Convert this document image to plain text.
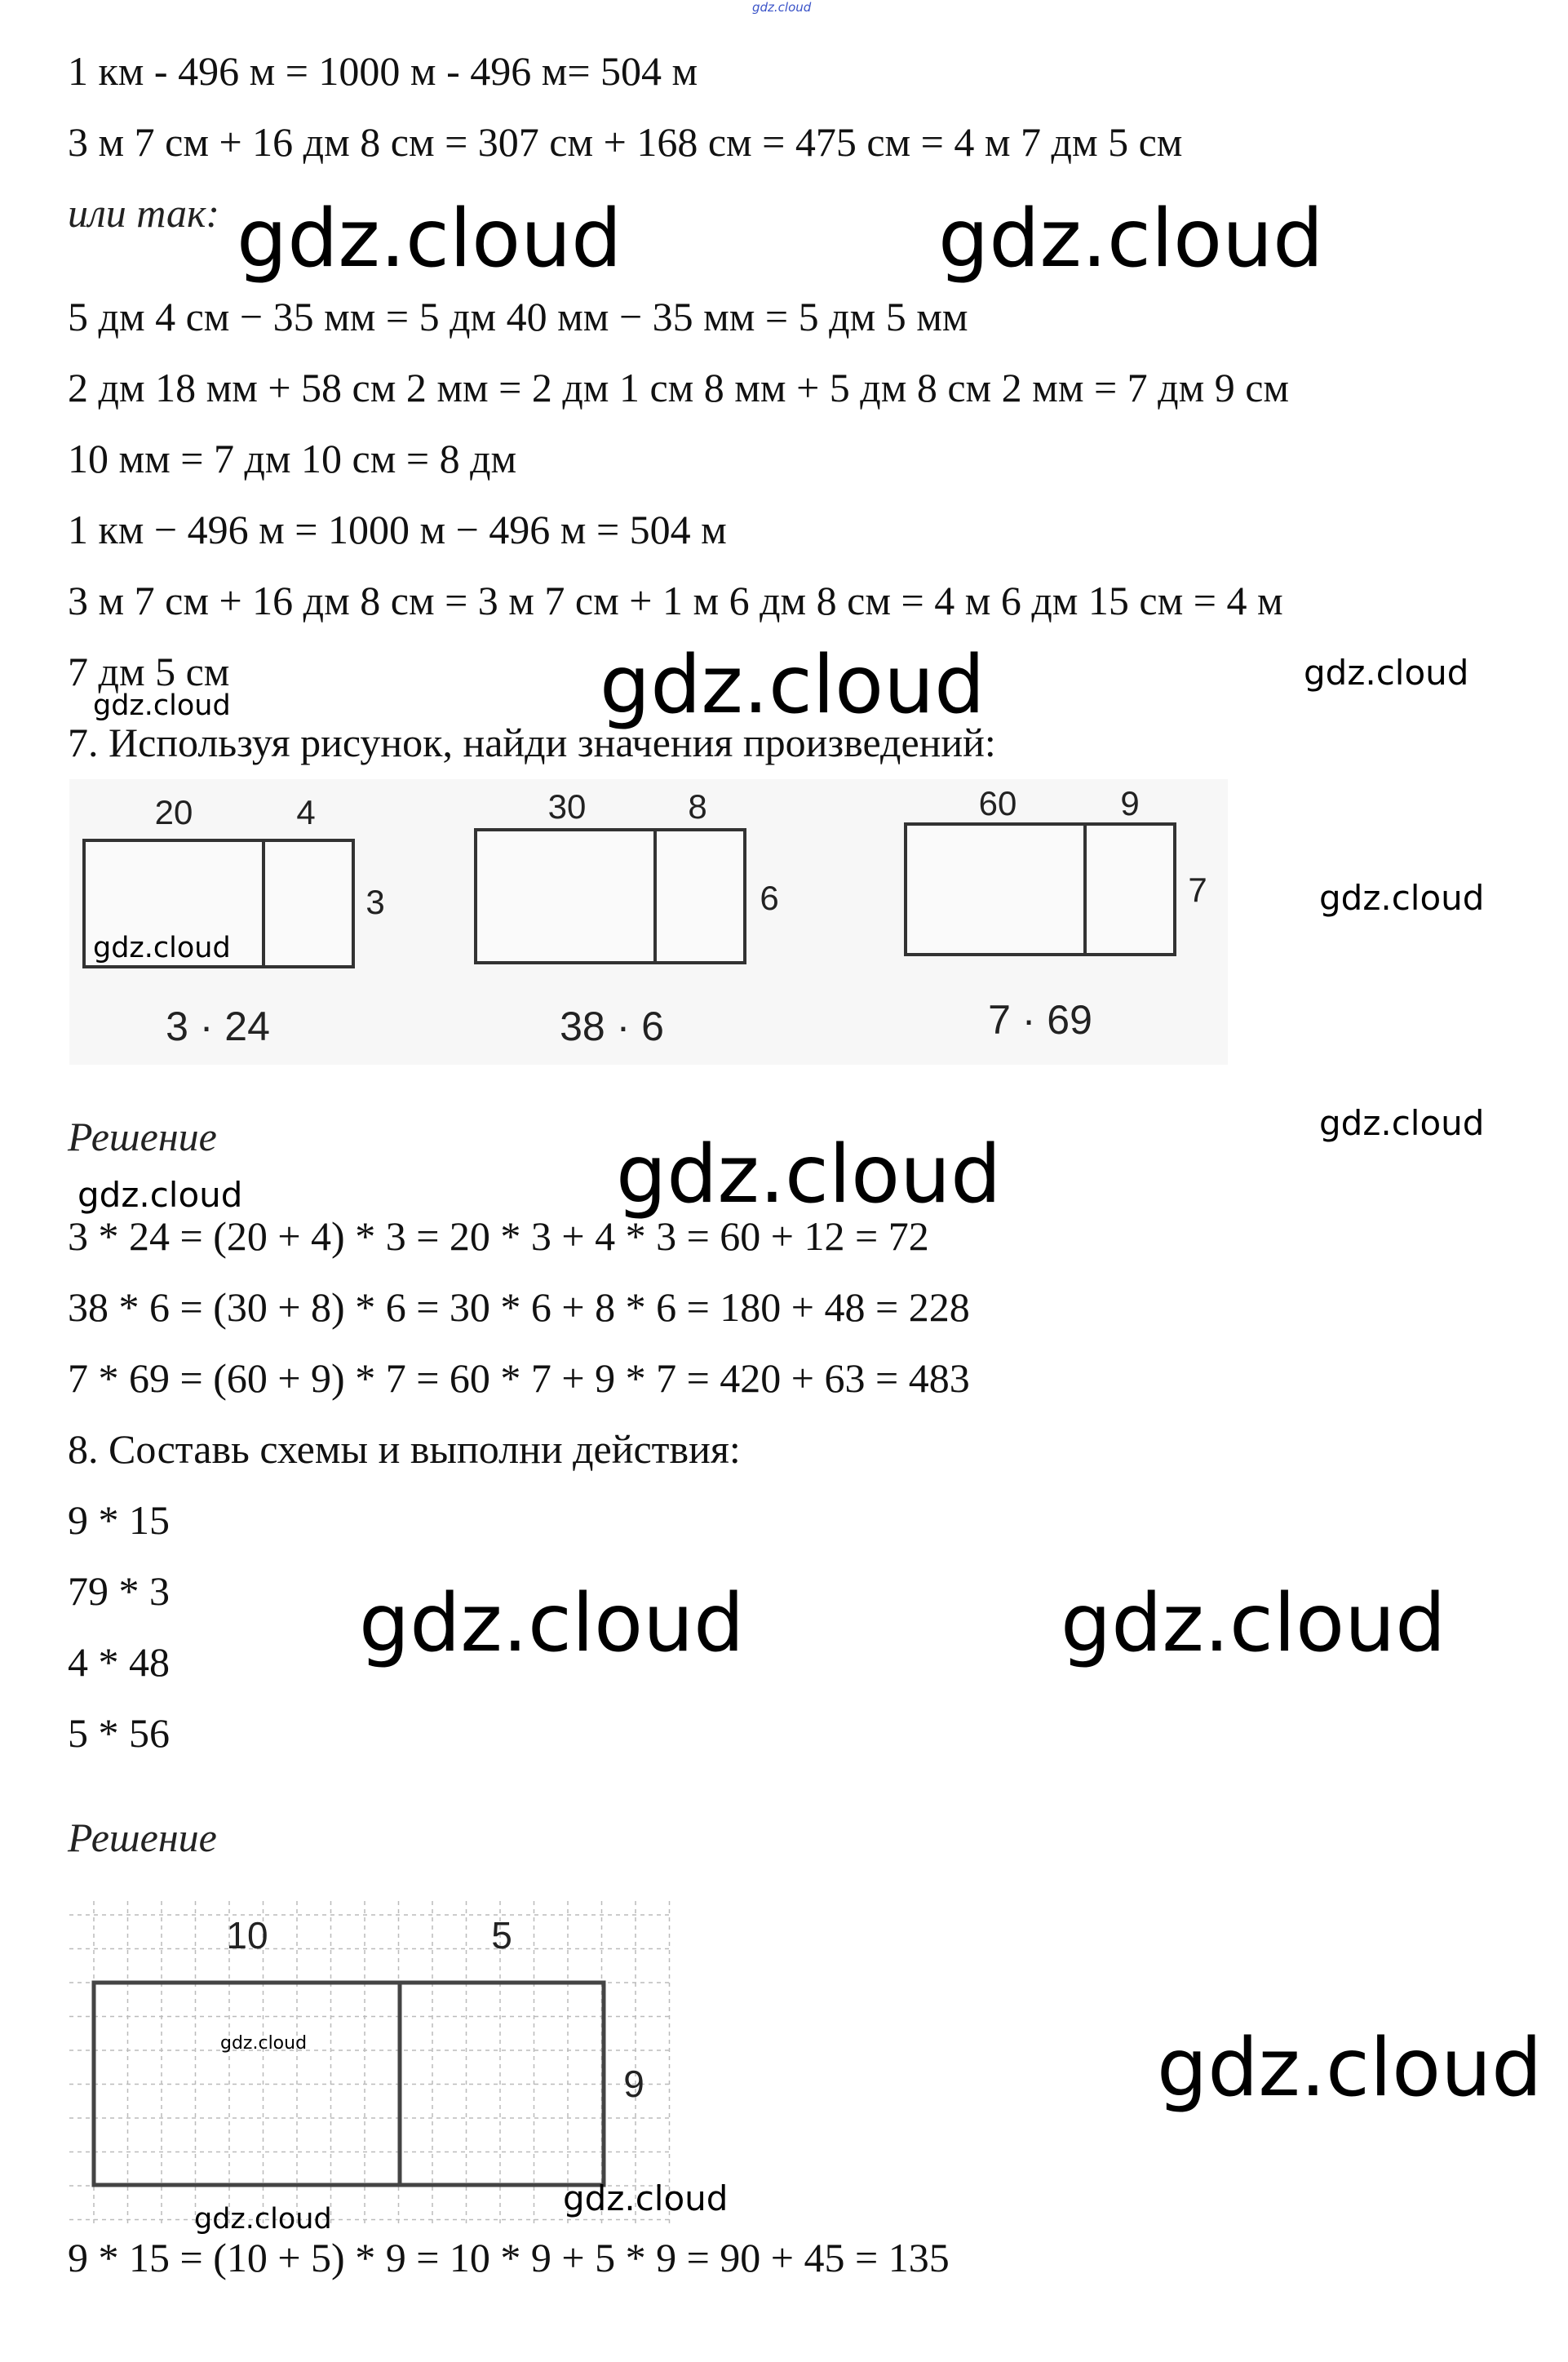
gdz.cloud

1 км - 496 м = 1000 м - 496 м= 504 м

3 м 7 см + 16 дм 8 см = 307 см + 168 см = 475 см = 4 м 7 дм 5 см

или так:

5 дм 4 см − 35 мм = 5 дм 40 мм − 35 мм = 5 дм 5 мм

2 дм 18 мм + 58 см 2 мм = 2 дм 1 см 8 мм + 5 дм 8 см 2 мм = 7 дм 9 см

10 мм = 7 дм 10 см = 8 дм

1 км − 496 м = 1000 м − 496 м = 504 м

3 м 7 см + 16 дм 8 см = 3 м 7 см + 1 м 6 дм 8 см = 4 м 6 дм 15 см = 4 м

7 дм 5 см

7. Используя рисунок, найди значения произведений:

20	4
3
3 · 24
30	8
6
38 · 6
60	9
7
7 · 69

Решение

3 * 24 = (20 + 4) * 3 = 20 * 3 + 4 * 3 = 60 + 12 = 72

38 * 6 = (30 + 8) * 6 = 30 * 6 + 8 * 6 = 180 + 48 = 228

7 * 69 = (60 + 9) * 7 = 60 * 7 + 9 * 7 = 420 + 63 = 483

8. Составь схемы и выполни действия:

9 * 15

79 * 3

4 * 48

5 * 56

Решение

10	5
9

9 * 15 = (10 + 5) * 9 = 10 * 9 + 5 * 9 = 90 + 45 = 135

gdz.cloud	gdz.cloud
gdz.cloud	gdz.cloud
gdz.cloud
gdz.cloud
gdz.cloud
gdz.cloud
gdz.cloud
gdz.cloud
gdz.cloud	gdz.cloud
gdz.cloud	gdz.cloud
gdz.cloud
gdz.cloud
